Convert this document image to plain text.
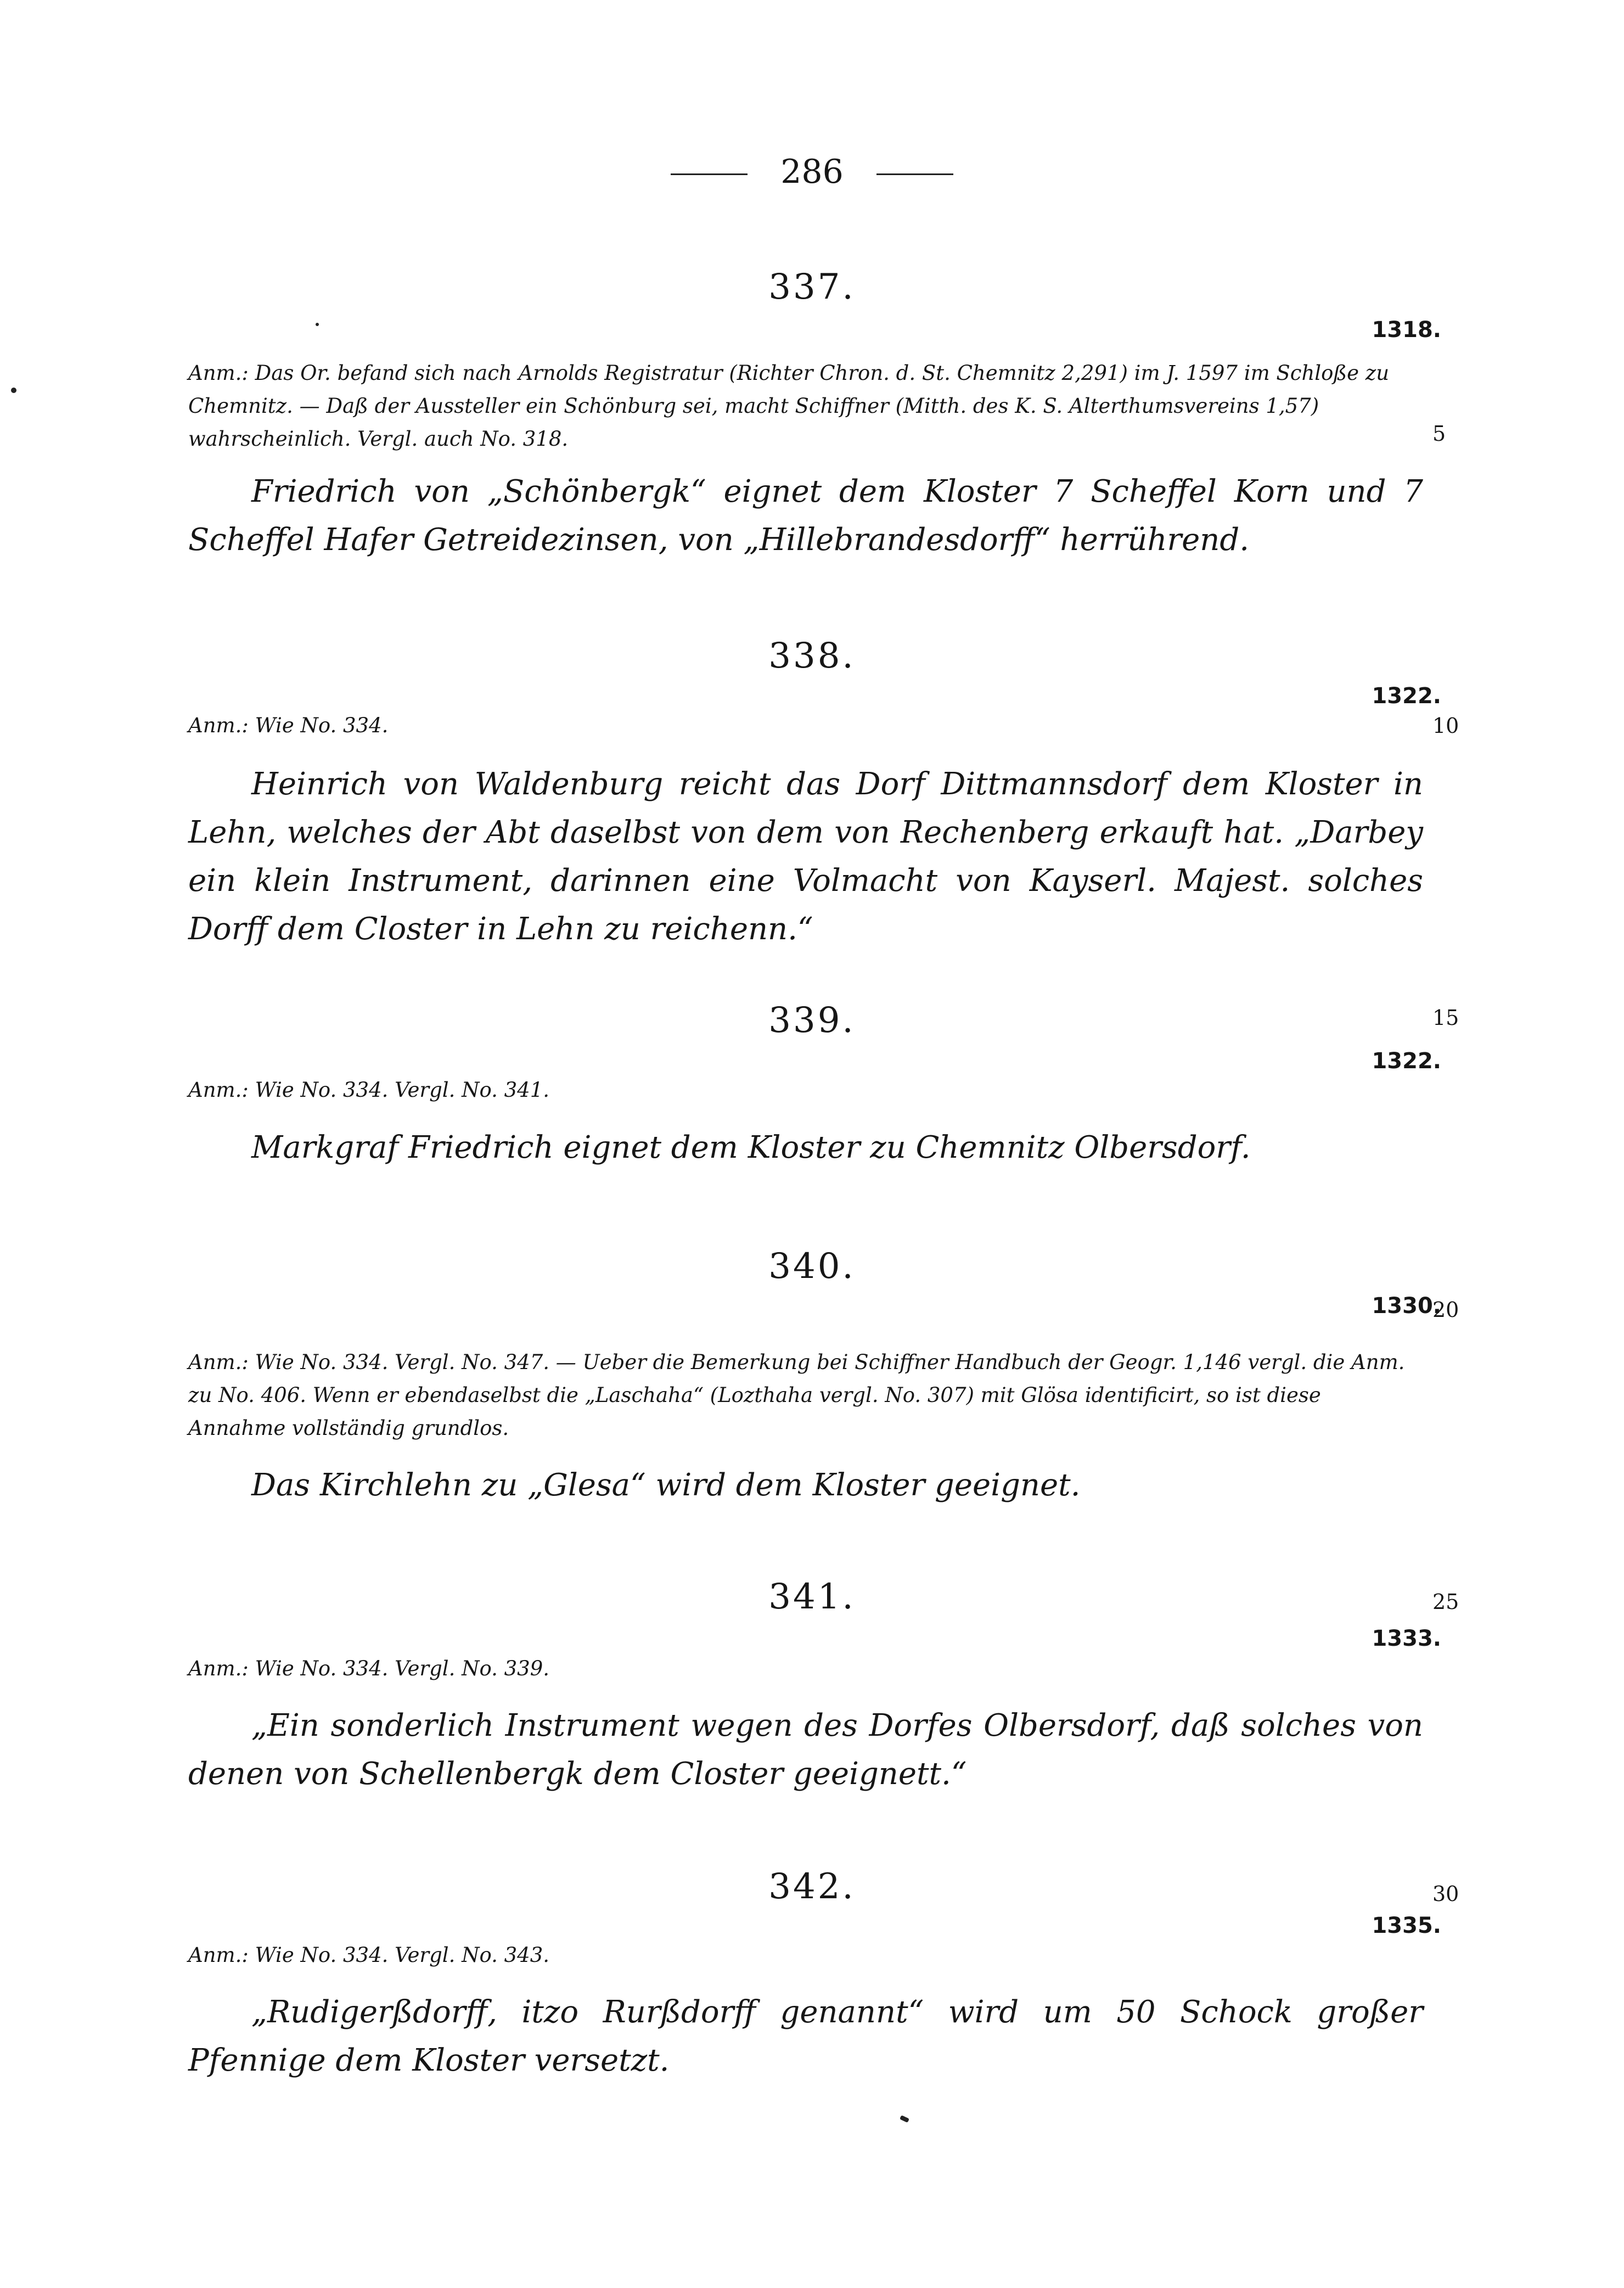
286
337.
1318.

Anm.: Das Or. befand sich nach Arnolds Registratur (Richter Chron. d. St. Chemnitz 2,291) im J. 1597 im Schloße zu Chemnitz. — Daß der Aussteller ein Schönburg sei, macht Schiffner (Mitth. des K. S. Alterthumsvereins 1,57) wahrscheinlich. Vergl. auch No. 318.

Friedrich von „Schönbergk“ eignet dem Kloster 7 Scheffel Korn und 7 Scheffel Hafer Getreidezinsen, von „Hillebrandesdorff“ herrührend.

338.
1322.

Anm.: Wie No. 334.

Heinrich von Waldenburg reicht das Dorf Dittmannsdorf dem Kloster in Lehn, welches der Abt daselbst von dem von Rechenberg erkauft hat. „Darbey ein klein Instrument, darinnen eine Volmacht von Kayserl. Majest. solches Dorff dem Closter in Lehn zu reichenn.“

339.
1322.

Anm.: Wie No. 334. Vergl. No. 341.

Markgraf Friedrich eignet dem Kloster zu Chemnitz Olbersdorf.

340.
1330.

Anm.: Wie No. 334. Vergl. No. 347. — Ueber die Bemerkung bei Schiffner Handbuch der Geogr. 1,146 vergl. die Anm. zu No. 406. Wenn er ebendaselbst die „Laschaha“ (Lozthaha vergl. No. 307) mit Glösa identificirt, so ist diese Annahme vollständig grundlos.

Das Kirchlehn zu „Glesa“ wird dem Kloster geeignet.

341.
1333.

Anm.: Wie No. 334. Vergl. No. 339.

„Ein sonderlich Instrument wegen des Dorfes Olbersdorf, daß solches von denen von Schellenbergk dem Closter geeignett.“

342.
1335.

Anm.: Wie No. 334. Vergl. No. 343.

„Rudigerßdorff, itzo Rurßdorff genannt“ wird um 50 Schock großer Pfennige dem Kloster versetzt.

5
10
15
20
25
30
